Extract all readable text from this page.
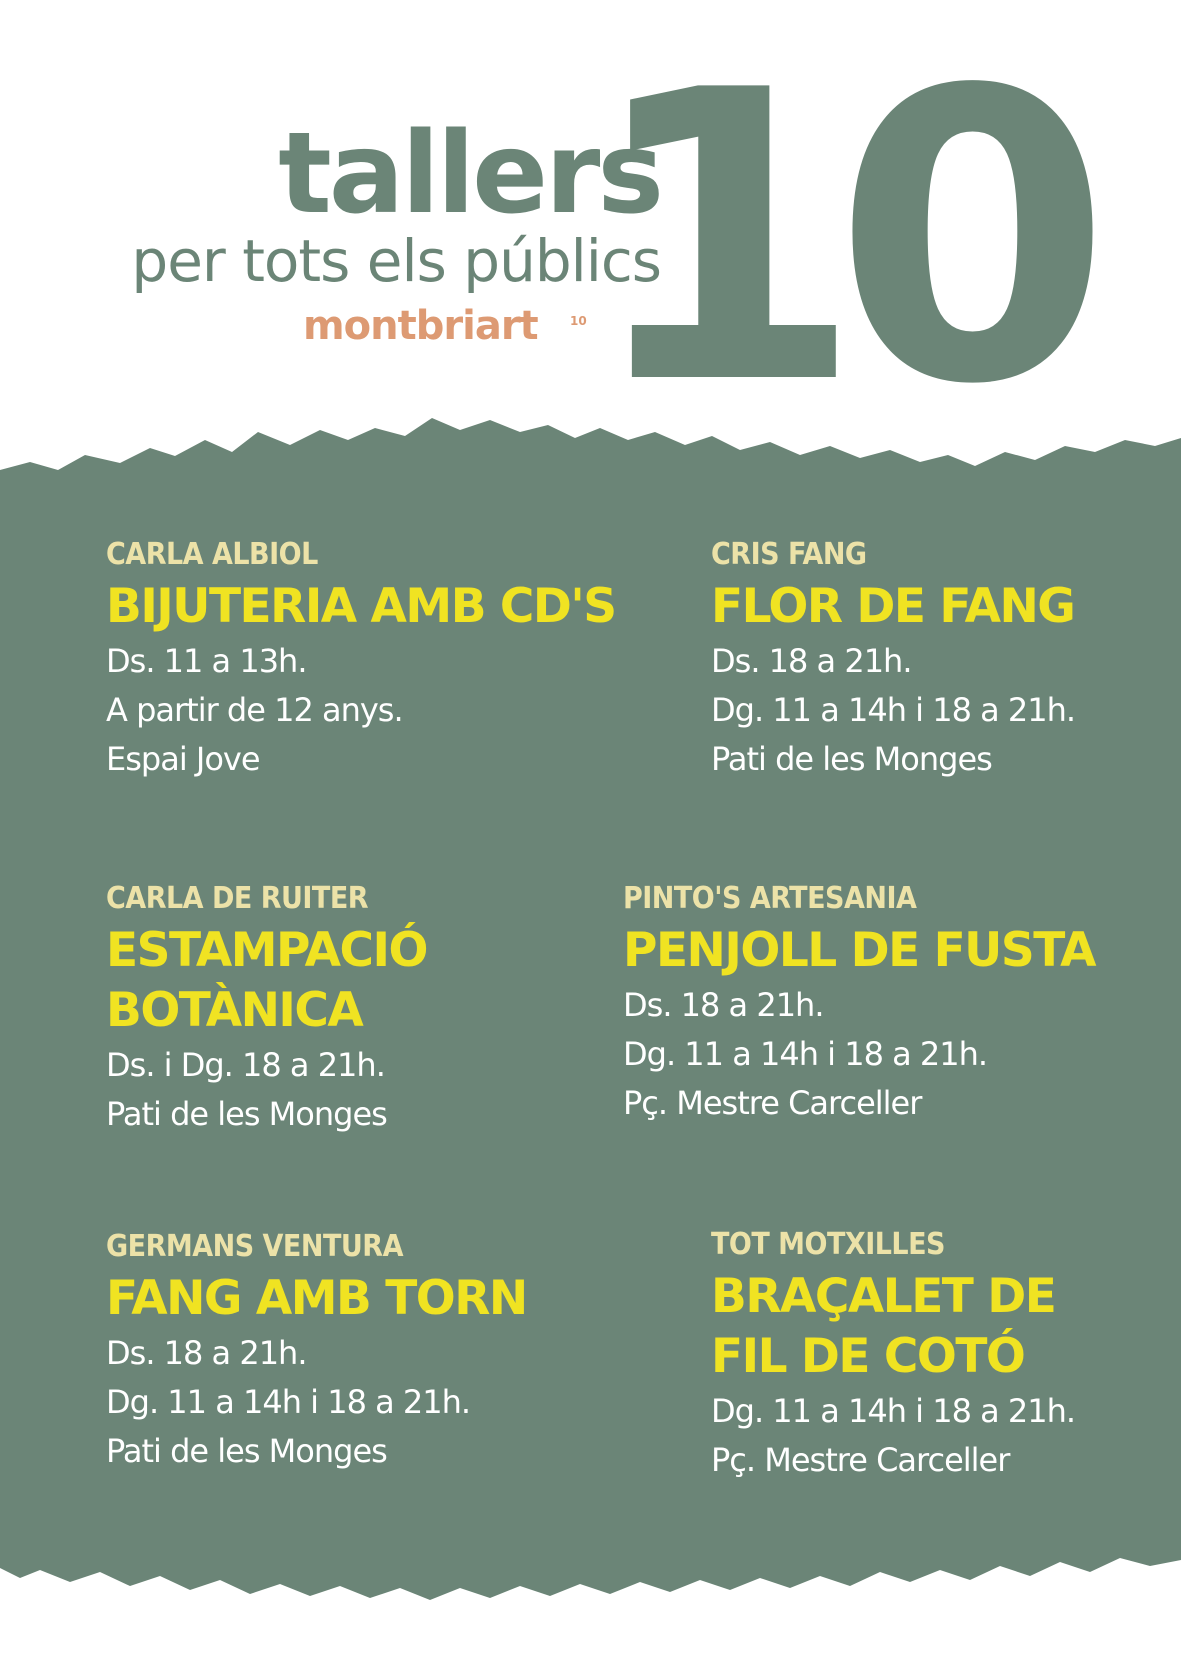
10
tallers
per tots els públics
montbriart	10
CARLA ALBIOL
BIJUTERIA AMB CD'S
Ds. 11 a 13h.
A partir de 12 anys.
Espai Jove
CRIS FANG
FLOR DE FANG
Ds. 18 a 21h.
Dg. 11 a 14h i 18 a 21h.
Pati de les Monges
CARLA DE RUITER
ESTAMPACIÓ
BOTÀNICA
Ds. i Dg. 18 a 21h.
Pati de les Monges
PINTO'S ARTESANIA
PENJOLL DE FUSTA
Ds. 18 a 21h.
Dg. 11 a 14h i 18 a 21h.
Pç. Mestre Carceller
GERMANS VENTURA
FANG AMB TORN
Ds. 18 a 21h.
Dg. 11 a 14h i 18 a 21h.
Pati de les Monges
TOT MOTXILLES
BRAÇALET DE
FIL DE COTÓ
Dg. 11 a 14h i 18 a 21h.
Pç. Mestre Carceller
